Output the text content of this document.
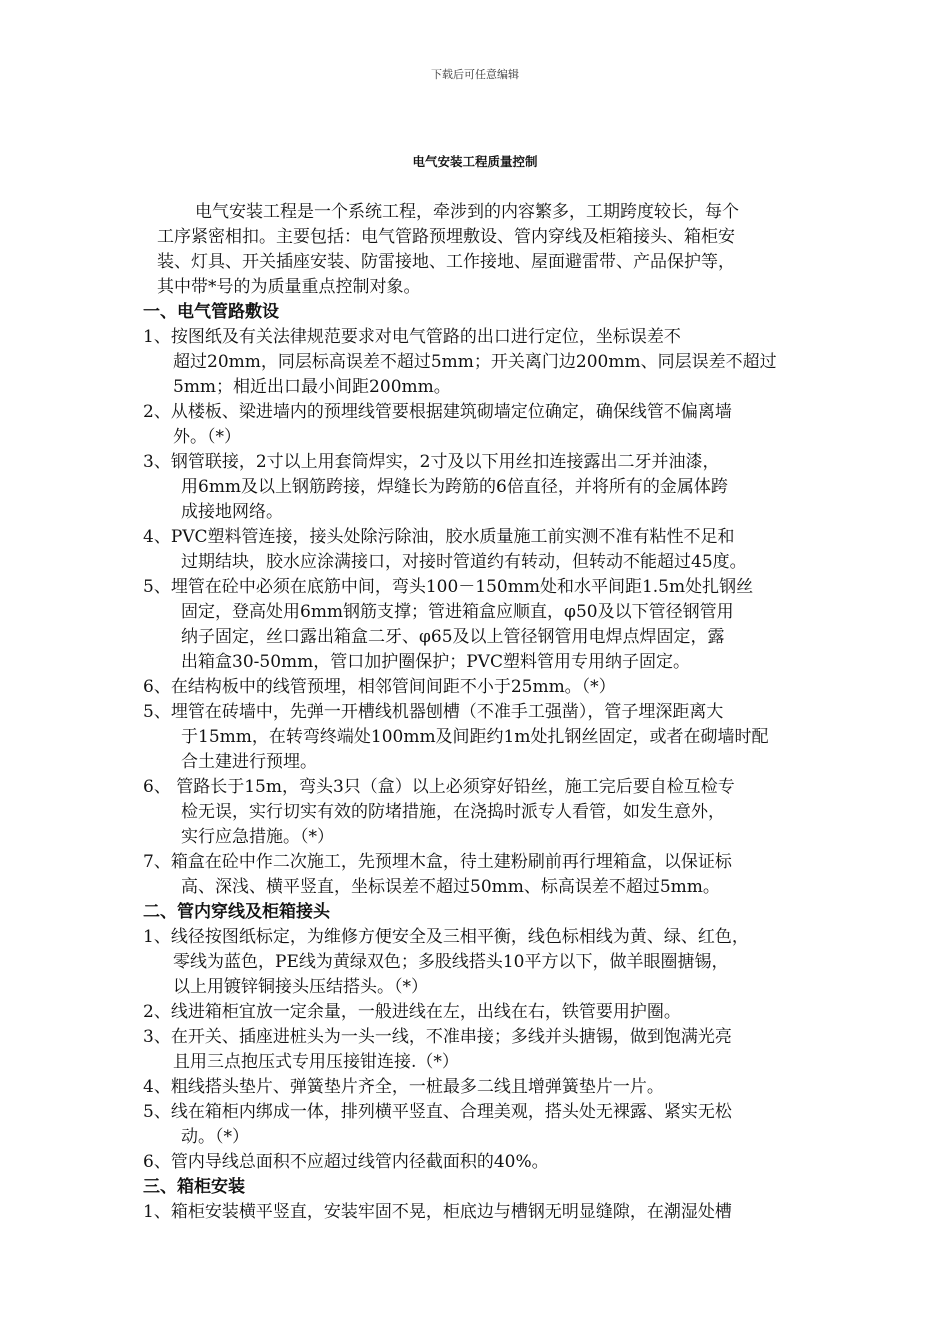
下载后可任意编辑
电气安装工程质量控制
电气安装工程是一个系统工程，牵涉到的内容繁多，工期跨度较长，每个
工序紧密相扣。主要包括：电气管路预埋敷设、管内穿线及柜箱接头、箱柜安
装、灯具、开关插座安装、防雷接地、工作接地、屋面避雷带、产品保护等，
其中带*号的为质量重点控制对象。
一、电气管路敷设
1、按图纸及有关法律规范要求对电气管路的出口进行定位，坐标误差不
超过20mm，同层标高误差不超过5mm；开关离门边200mm、同层误差不超过
5mm；相近出口最小间距200mm。
2、从楼板、梁进墙内的预埋线管要根据建筑砌墙定位确定，确保线管不偏离墙
外。（*）
3、钢管联接，2寸以上用套筒焊实，2寸及以下用丝扣连接露出二牙并油漆，
用6mm及以上钢筋跨接，焊缝长为跨筋的6倍直径，并将所有的金属体跨
成接地网络。
4、PVC塑料管连接，接头处除污除油，胶水质量施工前实测不准有粘性不足和
过期结块，胶水应涂满接口，对接时管道约有转动，但转动不能超过45度。
5、埋管在砼中必须在底筋中间，弯头100－150mm处和水平间距1.5m处扎钢丝
固定，登高处用6mm钢筋支撑；管进箱盒应顺直，φ50及以下管径钢管用
纳子固定，丝口露出箱盒二牙、φ65及以上管径钢管用电焊点焊固定，露
出箱盒30-50mm，管口加护圈保护；PVC塑料管用专用纳子固定。
6、在结构板中的线管预埋，相邻管间间距不小于25mm。（*）
5、埋管在砖墙中，先弹一开槽线机器刨槽（不准手工强凿），管子埋深距离大
于15mm，在转弯终端处100mm及间距约1m处扎钢丝固定，或者在砌墙时配
合土建进行预埋。
6、 管路长于15m，弯头3只（盒）以上必须穿好铅丝，施工完后要自检互检专
检无误，实行切实有效的防堵措施，在浇捣时派专人看管，如发生意外，
实行应急措施。（*）
7、箱盒在砼中作二次施工，先预埋木盒，待土建粉刷前再行埋箱盒，以保证标
高、深浅、横平竖直，坐标误差不超过50mm、标高误差不超过5mm。
二、管内穿线及柜箱接头
1、线径按图纸标定，为维修方便安全及三相平衡，线色标相线为黄、绿、红色，
零线为蓝色，PE线为黄绿双色；多股线搭头10平方以下，做羊眼圈搪锡，
以上用镀锌铜接头压结搭头。（*）
2、线进箱柜宜放一定余量，一般进线在左，出线在右，铁管要用护圈。
3、在开关、插座进桩头为一头一线，不准串接；多线并头搪锡，做到饱满光亮
且用三点抱压式专用压接钳连接.（*）
4、粗线搭头垫片、弹簧垫片齐全，一桩最多二线且增弹簧垫片一片。
5、线在箱柜内绑成一体，排列横平竖直、合理美观，搭头处无裸露、紧实无松
动。（*）
6、管内导线总面积不应超过线管内径截面积的40%。
三、箱柜安装
1、箱柜安装横平竖直，安装牢固不晃，柜底边与槽钢无明显缝隙，在潮湿处槽
